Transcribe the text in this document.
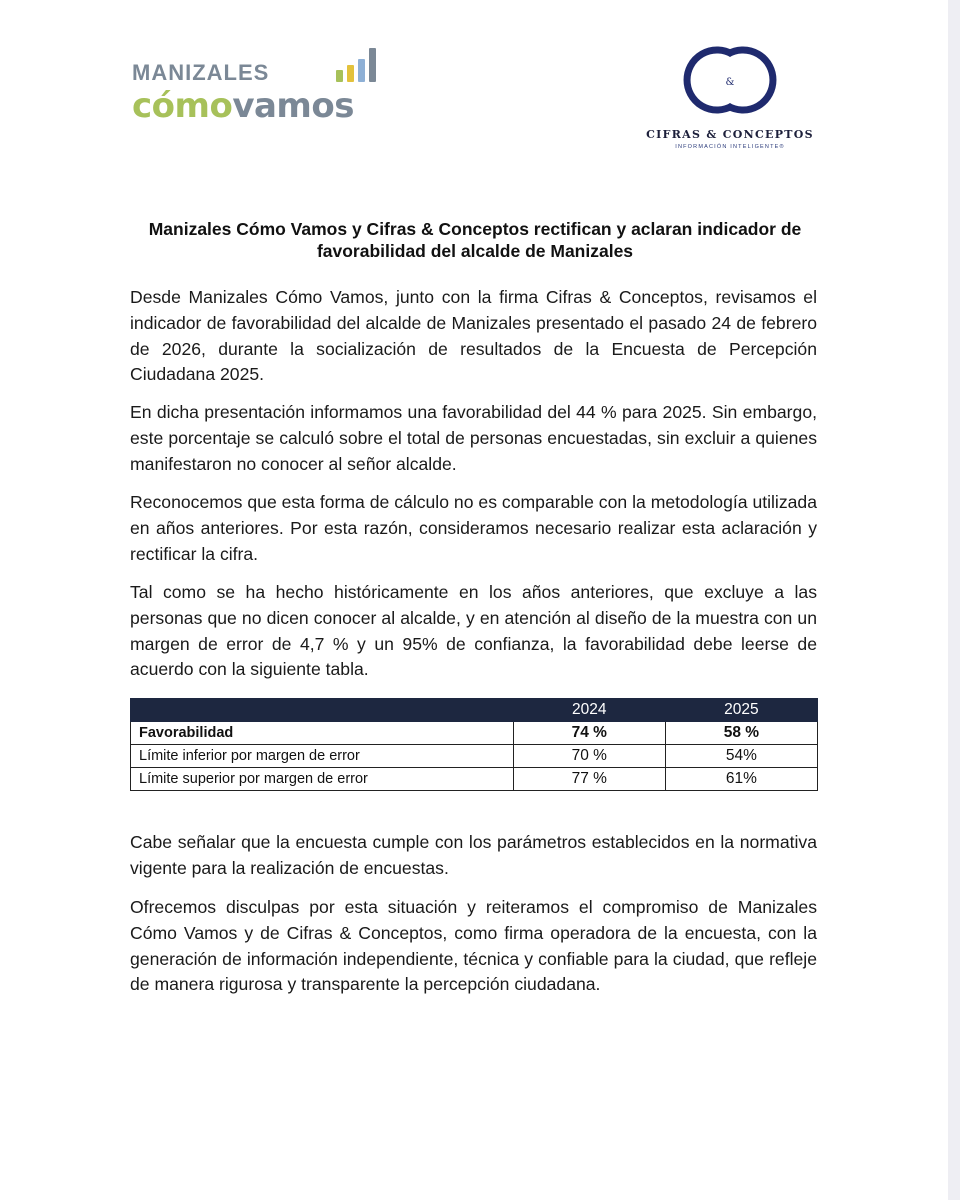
MANIZALES
cómovamos
&
CIFRAS & CONCEPTOS
INFORMACIÓN INTELIGENTE®
Manizales Cómo Vamos y Cifras & Conceptos rectifican y aclaran indicador de favorabilidad del alcalde de Manizales

Desde Manizales Cómo Vamos, junto con la firma Cifras & Conceptos, revisamos el indicador de favorabilidad del alcalde de Manizales presentado el pasado 24 de febrero de 2026, durante la socialización de resultados de la Encuesta de Percepción Ciudadana 2025.

En dicha presentación informamos una favorabilidad del 44 % para 2025. Sin embargo, este porcentaje se calculó sobre el total de personas encuestadas, sin excluir a quienes manifestaron no conocer al señor alcalde.

Reconocemos que esta forma de cálculo no es comparable con la metodología utilizada en años anteriores. Por esta razón, consideramos necesario realizar esta aclaración y rectificar la cifra.

Tal como se ha hecho históricamente en los años anteriores, que excluye a las personas que no dicen conocer al alcalde, y en atención al diseño de la muestra con un margen de error de 4,7 % y un 95% de confianza, la favorabilidad debe leerse de acuerdo con la siguiente tabla.

	2024	2025
Favorabilidad	74 %	58 %
Límite inferior por margen de error	70 %	54%
Límite superior por margen de error	77 %	61%

Cabe señalar que la encuesta cumple con los parámetros establecidos en la normativa vigente para la realización de encuestas.

Ofrecemos disculpas por esta situación y reiteramos el compromiso de Manizales Cómo Vamos y de Cifras & Conceptos, como firma operadora de la encuesta, con la generación de información independiente, técnica y confiable para la ciudad, que refleje de manera rigurosa y transparente la percepción ciudadana.
